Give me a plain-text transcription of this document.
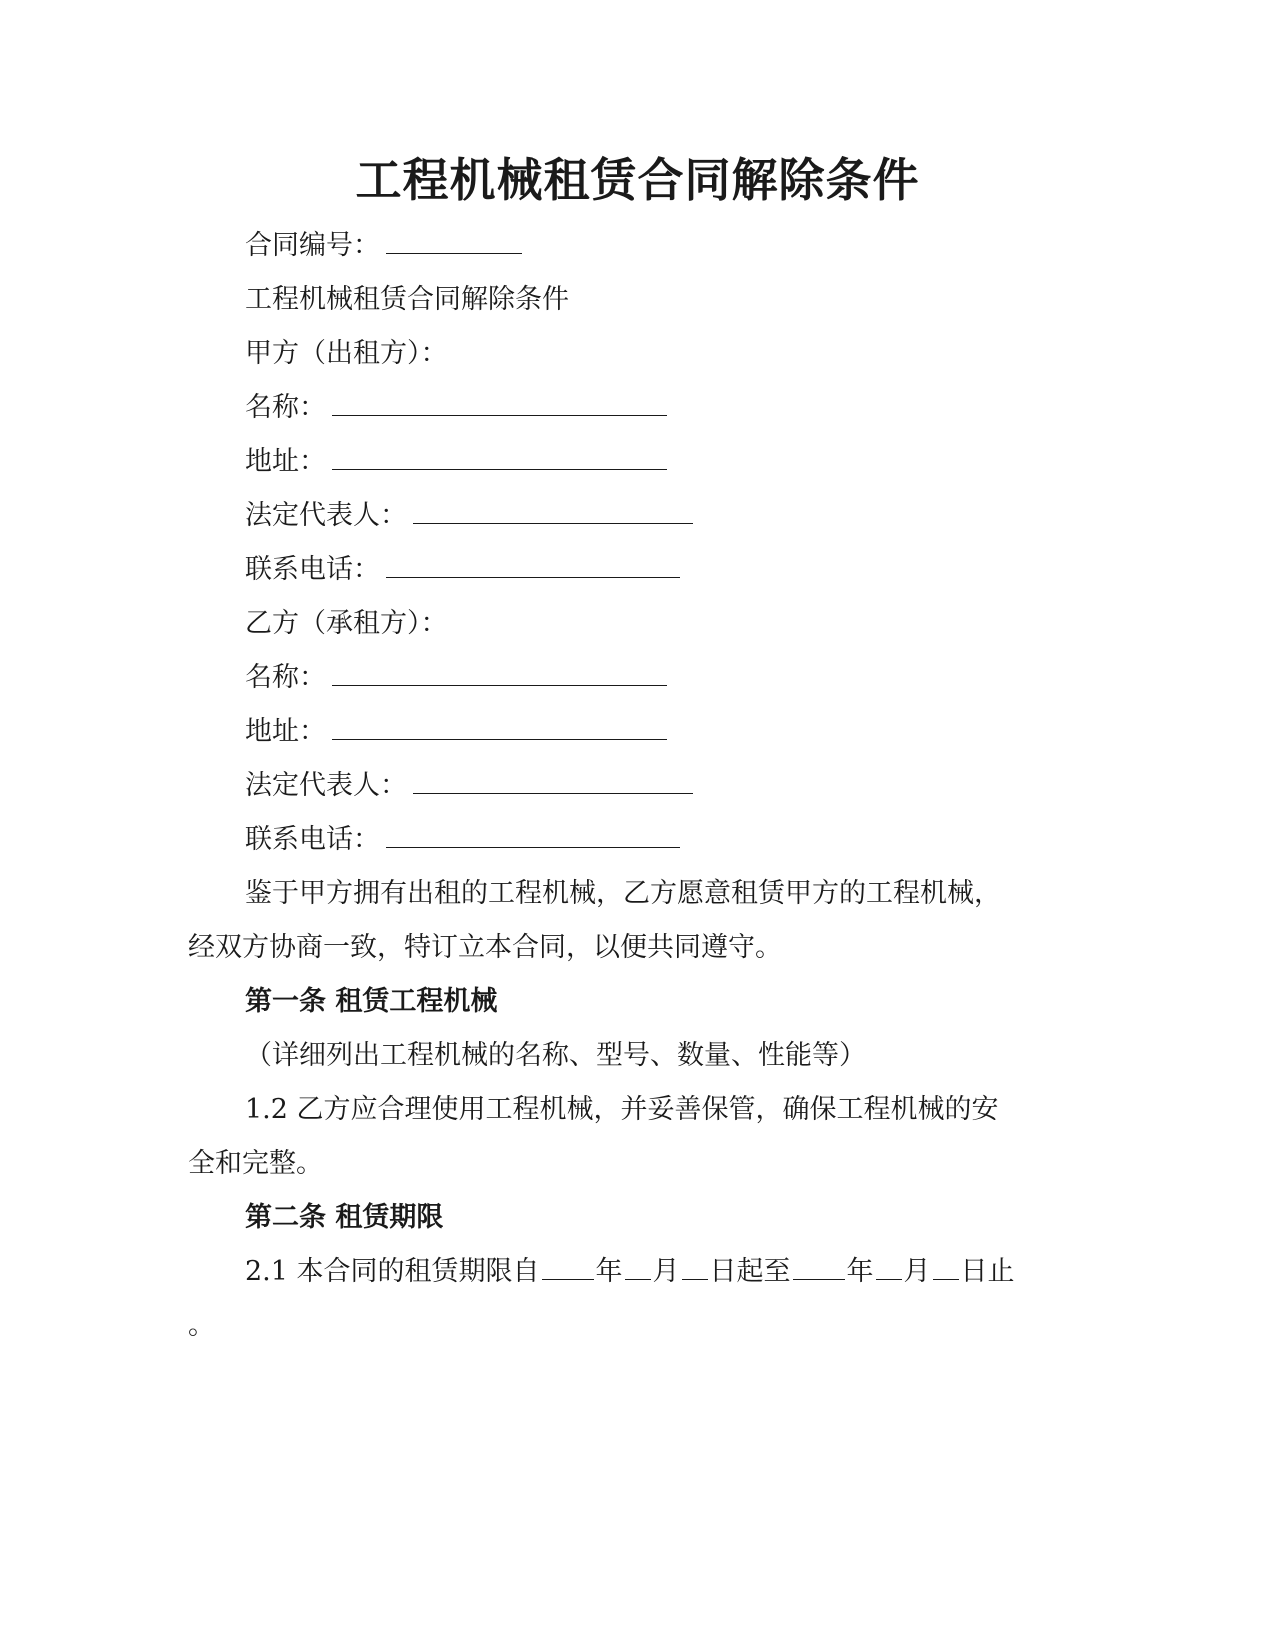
工程机械租赁合同解除条件
合同编号：
工程机械租赁合同解除条件
甲方（出租方）：
名称：
地址：
法定代表人：
联系电话：
乙方（承租方）：
名称：
地址：
法定代表人：
联系电话：
鉴于甲方拥有出租的工程机械，乙方愿意租赁甲方的工程机械，
经双方协商一致，特订立本合同，以便共同遵守。
第一条 租赁工程机械
（详细列出工程机械的名称、型号、数量、性能等）
1.2 乙方应合理使用工程机械，并妥善保管，确保工程机械的安
全和完整。
第二条 租赁期限
2.1 本合同的租赁期限自 年 月 日起至 年 月 日止
。
